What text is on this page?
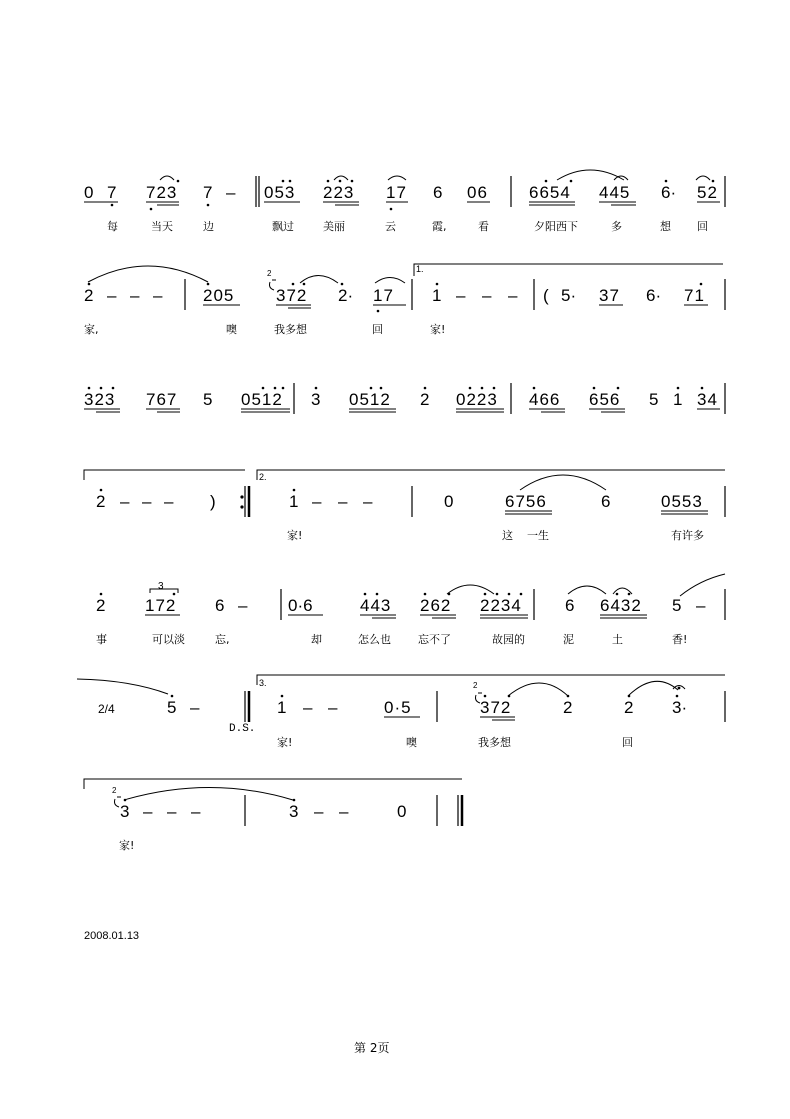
0 7 723 7 – 053 223 17 6 06 6654 445 6· 52
每	当天	边	飘过	美丽	云	霞,	看	夕阳西下	多	想 回
2 – – – 205 372 2· 17 1 – – – ( 5· 37 6· 71
1.
2
家,	噢	我多想	回	家!
323 767 5 0512 3 0512 2 0223 466 656 5 1 34
2 – – – )	1 – – –	0	6756	6	0553
2.
家!	这 一生	有许多
2 172 6 – 0·6	443 262 2234	6 6432 5 –
3
事	可以淡	忘,	却	怎么也 忘不了	故园的	泥	土	香!
2/4	5 –
D.S.
3.
1 – –	0·5
2
372	2	2 3·
家!	噢	我多想	回
2
3 – – –	3 – –	0
家!
2008.01.13
第 2页
